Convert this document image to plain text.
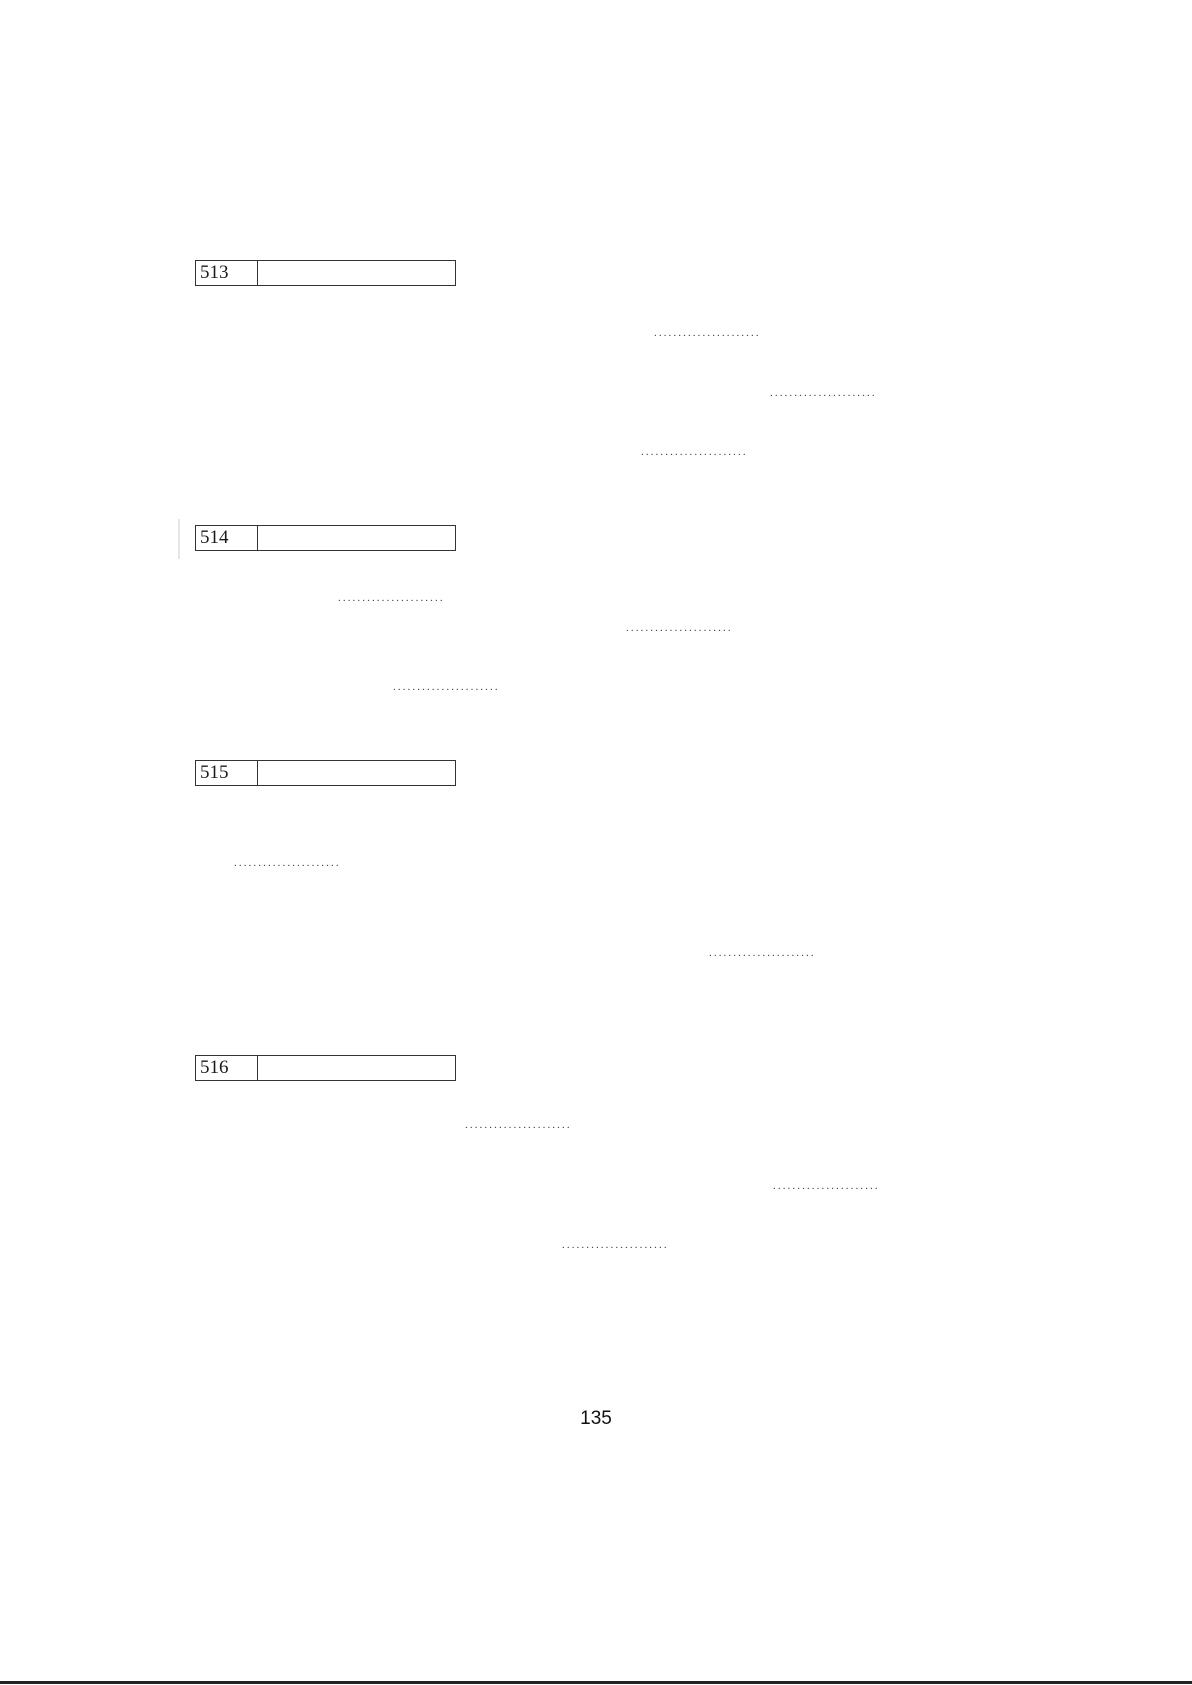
513
......................
......................
......................
514
......................
......................
......................
515
......................
......................
516
......................
......................
......................
135
